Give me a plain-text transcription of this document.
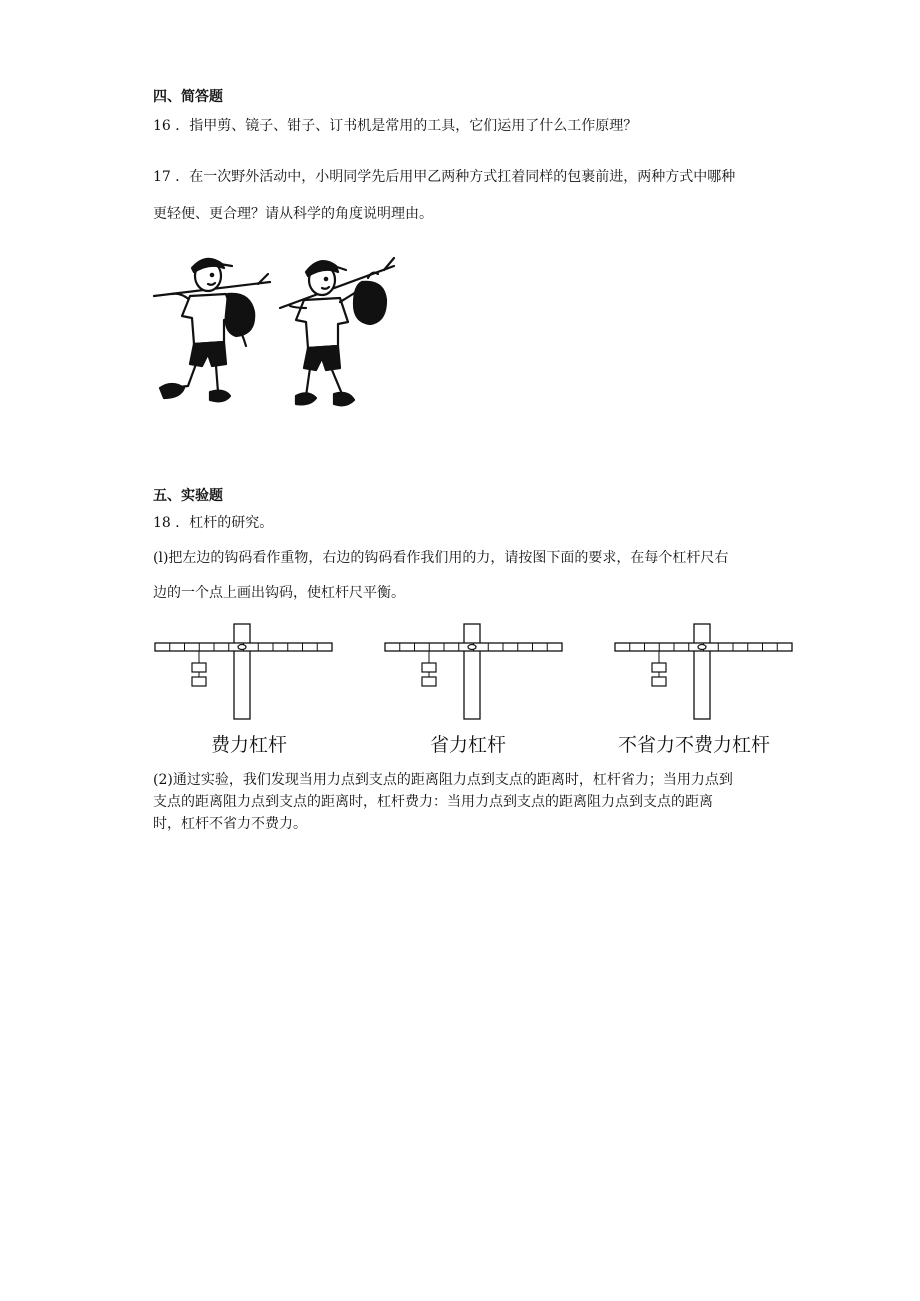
四、简答题
16 ．指甲剪、镜子、钳子、订书机是常用的工具，它们运用了什么工作原理？
17 ．在一次野外活动中，小明同学先后用甲乙两种方式扛着同样的包裹前进，两种方式中哪种
更轻便、更合理？请从科学的角度说明理由。
五、实验题
18 ．杠杆的研究。
(l)把左边的钩码看作重物，右边的钩码看作我们用的力，请按图下面的要求，在每个杠杆尺右
边的一个点上画出钩码，使杠杆尺平衡。
费力杠杆	省力杠杆	不省力不费力杠杆
(2)通过实验，我们发现当用力点到支点的距离阻力点到支点的距离时，杠杆省力；当用力点到
支点的距离阻力点到支点的距离时，杠杆费力：当用力点到支点的距离阻力点到支点的距离
时，杠杆不省力不费力。
